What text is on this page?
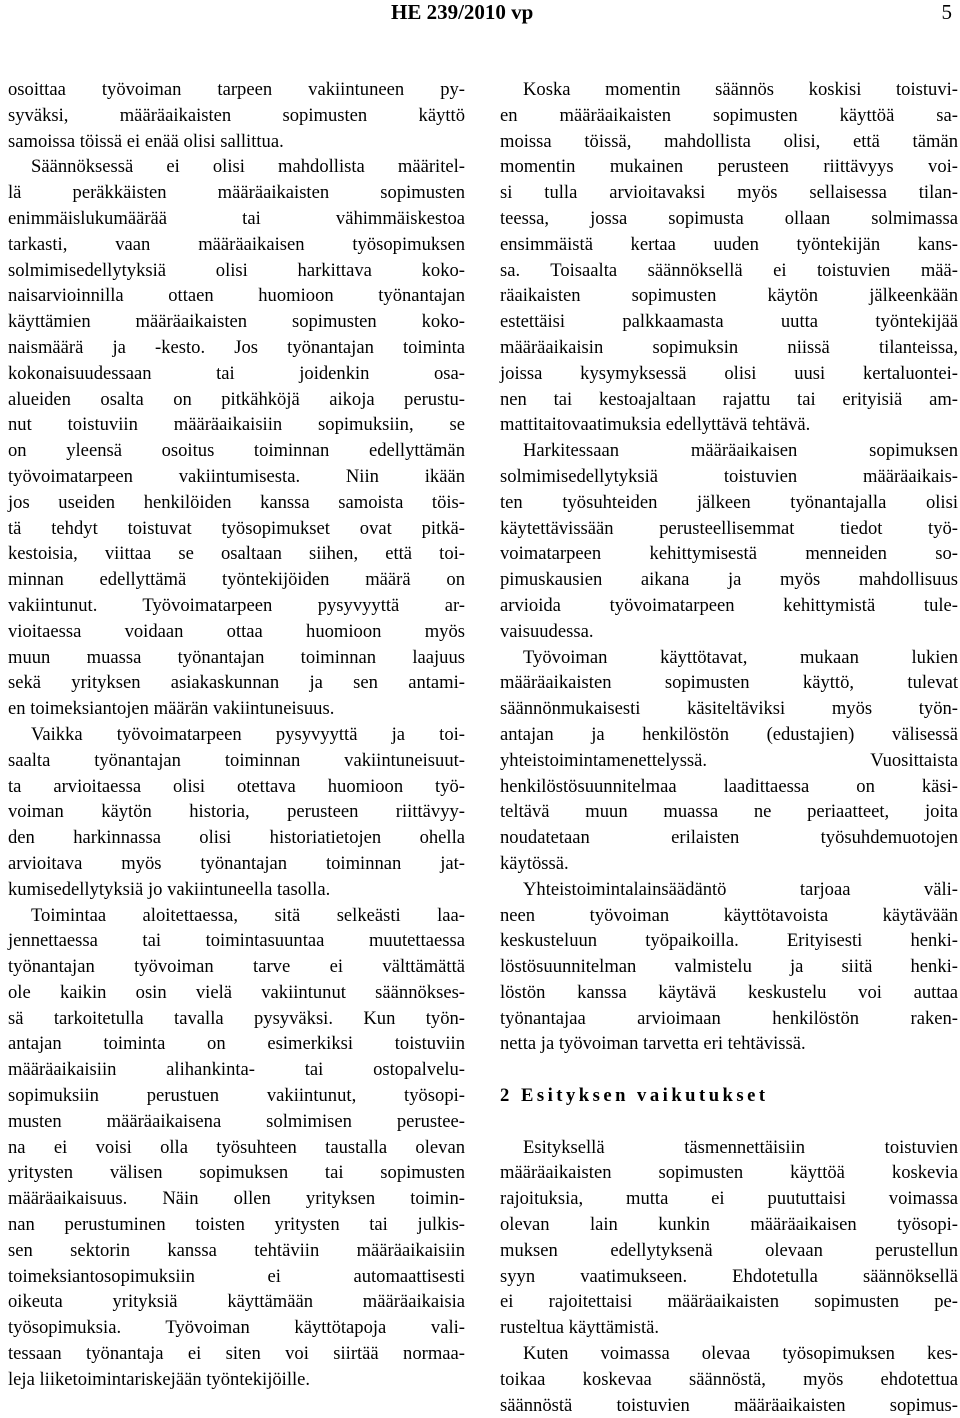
HE 239/2010 vp	5
osoittaa työvoiman tarpeen vakiintuneen py-
syväksi, määräaikaisten sopimusten käyttö
samoissa töissä ei enää olisi sallittua.
Säännöksessä ei olisi mahdollista määritel-
lä peräkkäisten määräaikaisten sopimusten
enimmäislukumäärää tai vähimmäiskestoa
tarkasti, vaan määräaikaisen työsopimuksen
solmimisedellytyksiä olisi harkittava koko-
naisarvioinnilla ottaen huomioon työnantajan
käyttämien määräaikaisten sopimusten koko-
naismäärä ja -kesto. Jos työnantajan toiminta
kokonaisuudessaan tai joidenkin osa-
alueiden osalta on pitkähköjä aikoja perustu-
nut toistuviin määräaikaisiin sopimuksiin, se
on yleensä osoitus toiminnan edellyttämän
työvoimatarpeen vakiintumisesta. Niin ikään
jos useiden henkilöiden kanssa samoista töis-
tä tehdyt toistuvat työsopimukset ovat pitkä-
kestoisia, viittaa se osaltaan siihen, että toi-
minnan edellyttämä työntekijöiden määrä on
vakiintunut. Työvoimatarpeen pysyvyyttä ar-
vioitaessa voidaan ottaa huomioon myös
muun muassa työnantajan toiminnan laajuus
sekä yrityksen asiakaskunnan ja sen antami-
en toimeksiantojen määrän vakiintuneisuus.
Vaikka työvoimatarpeen pysyvyyttä ja toi-
saalta työnantajan toiminnan vakiintuneisuut-
ta arvioitaessa olisi otettava huomioon työ-
voiman käytön historia, perusteen riittävyy-
den harkinnassa olisi historiatietojen ohella
arvioitava myös työnantajan toiminnan jat-
kumisedellytyksiä jo vakiintuneella tasolla.
Toimintaa aloitettaessa, sitä selkeästi laa-
jennettaessa tai toimintasuuntaa muutettaessa
työnantajan työvoiman tarve ei välttämättä
ole kaikin osin vielä vakiintunut säännökses-
sä tarkoitetulla tavalla pysyväksi. Kun työn-
antajan toiminta on esimerkiksi toistuviin
määräaikaisiin alihankinta- tai ostopalvelu-
sopimuksiin perustuen vakiintunut, työsopi-
musten määräaikaisena solmimisen perustee-
na ei voisi olla työsuhteen taustalla olevan
yritysten välisen sopimuksen tai sopimusten
määräaikaisuus. Näin ollen yrityksen toimin-
nan perustuminen toisten yritysten tai julkis-
sen sektorin kanssa tehtäviin määräaikaisiin
toimeksiantosopimuksiin ei automaattisesti
oikeuta yrityksiä käyttämään määräaikaisia
työsopimuksia. Työvoiman käyttötapoja vali-
tessaan työnantaja ei siten voi siirtää normaa-
leja liiketoimintariskejään työntekijöille.
Koska momentin säännös koskisi toistuvi-
en määräaikaisten sopimusten käyttöä sa-
moissa töissä, mahdollista olisi, että tämän
momentin mukainen perusteen riittävyys voi-
si tulla arvioitavaksi myös sellaisessa tilan-
teessa, jossa sopimusta ollaan solmimassa
ensimmäistä kertaa uuden työntekijän kans-
sa. Toisaalta säännöksellä ei toistuvien mää-
räaikaisten sopimusten käytön jälkeenkään
estettäisi palkkaamasta uutta työntekijää
määräaikaisin sopimuksin niissä tilanteissa,
joissa kysymyksessä olisi uusi kertaluontei-
nen tai kestoajaltaan rajattu tai erityisiä am-
mattitaitovaatimuksia edellyttävä tehtävä.
Harkitessaan määräaikaisen sopimuksen
solmimisedellytyksiä toistuvien määräaikais-
ten työsuhteiden jälkeen työnantajalla olisi
käytettävissään perusteellisemmat tiedot työ-
voimatarpeen kehittymisestä menneiden so-
pimuskausien aikana ja myös mahdollisuus
arvioida työvoimatarpeen kehittymistä tule-
vaisuudessa.
Työvoiman käyttötavat, mukaan lukien
määräaikaisten sopimusten käyttö, tulevat
säännönmukaisesti käsiteltäviksi myös työn-
antajan ja henkilöstön (edustajien) välisessä
yhteistoimintamenettelyssä. Vuosittaista
henkilöstösuunnitelmaa laadittaessa on käsi-
teltävä muun muassa ne periaatteet, joita
noudatetaan erilaisten työsuhdemuotojen
käytössä.
Yhteistoimintalainsäädäntö tarjoaa väli-
neen työvoiman käyttötavoista käytävään
keskusteluun työpaikoilla. Erityisesti henki-
löstösuunnitelman valmistelu ja siitä henki-
löstön kanssa käytävä keskustelu voi auttaa
työnantajaa arvioimaan henkilöstön raken-
netta ja työvoiman tarvetta eri tehtävissä.
2 Esityksen vaikutukset
Esityksellä täsmennettäisiin toistuvien
määräaikaisten sopimusten käyttöä koskevia
rajoituksia, mutta ei puututtaisi voimassa
olevan lain kunkin määräaikaisen työsopi-
muksen edellytyksenä olevaan perustellun
syyn vaatimukseen. Ehdotetulla säännöksellä
ei rajoitettaisi määräaikaisten sopimusten pe-
rusteltua käyttämistä.
Kuten voimassa olevaa työsopimuksen kes-
toikaa koskevaa säännöstä, myös ehdotettua
säännöstä toistuvien määräaikaisten sopimus-
